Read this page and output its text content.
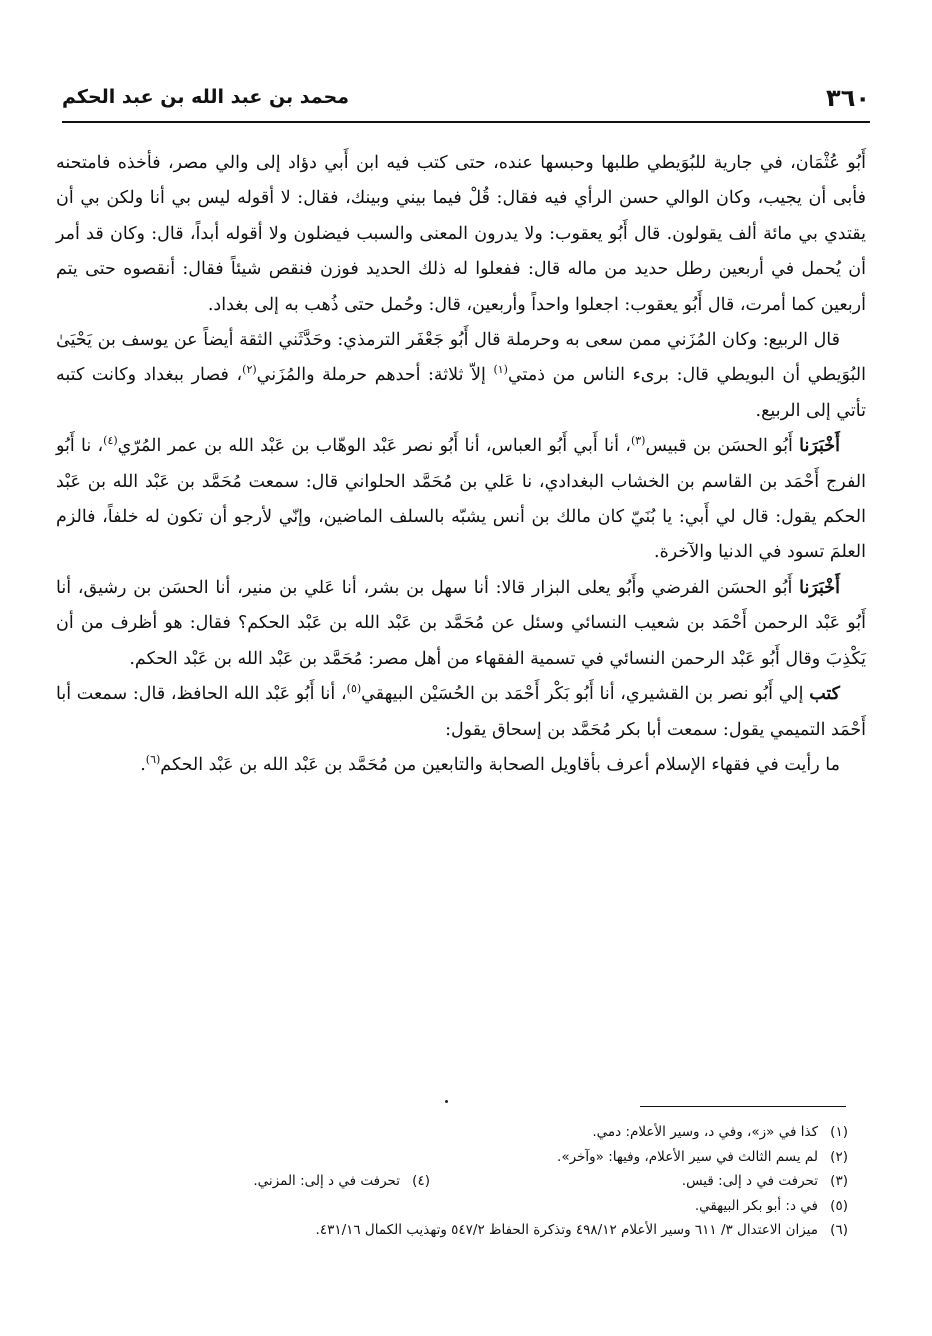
٣٦٠
محمد بن عبد الله بن عبد الحكم

أَبُو عُثْمَان، في جارية للبُوَيطي طلبها وحبسها عنده، حتى كتب فيه ابن أَبي دؤاد إلى والي مصر، فأخذه فامتحنه فأبى أن يجيب، وكان الوالي حسن الرأي فيه فقال: قُلْ فيما بيني وبينك، فقال: لا أقوله ليس بي أنا ولكن بي أن يقتدي بي مائة ألف يقولون. قال أَبُو يعقوب: ولا يدرون المعنى والسبب فيضلون ولا أقوله أبداً، قال: وكان قد أمر أن يُحمل في أربعين رطل حديد من ماله قال: ففعلوا له ذلك الحديد فوزن فنقص شيئاً فقال: أنقصوه حتى يتم أربعين كما أمرت، قال أَبُو يعقوب: اجعلوا واحداً وأربعين، قال: وحُمل حتى ذُهب به إلى بغداد.

قال الربيع: وكان المُزَني ممن سعى به وحرملة قال أَبُو جَعْفَر الترمذي: وحَدَّثَني الثقة أيضاً عن يوسف بن يَحْيَىٰ البُوَيطي أن البويطي قال: برىء الناس من ذمتي$^{(١)}$ إلاّ ثلاثة: أحدهم حرملة والمُزَني$^{(٢)}$، فصار ببغداد وكانت كتبه تأتي إلى الربيع.

أَخْبَرَنا أَبُو الحسَن بن قبيس$^{(٣)}$، أنا أَبي أَبُو العباس، أنا أَبُو نصر عَبْد الوهّاب بن عَبْد الله بن عمر المُرّي$^{(٤)}$، نا أَبُو الفرج أَحْمَد بن القاسم بن الخشاب البغدادي، نا عَلي بن مُحَمَّد الحلواني قال: سمعت مُحَمَّد بن عَبْد الله بن عَبْد الحكم يقول: قال لي أَبي: يا بُنَيّ كان مالك بن أنس يشبّه بالسلف الماضين، وإنّي لأرجو أن تكون له خلفاً، فالزم العلمَ تسود في الدنيا والآخرة.

أَخْبَرَنا أَبُو الحسَن الفرضي وأَبُو يعلى البزار قالا: أنا سهل بن بشر، أنا عَلي بن منير، أنا الحسَن بن رشيق، أنا أَبُو عَبْد الرحمن أَحْمَد بن شعيب النسائي وسئل عن مُحَمَّد بن عَبْد الله بن عَبْد الحكم؟ فقال: هو أظرف من أن يَكْذِبَ وقال أَبُو عَبْد الرحمن النسائي في تسمية الفقهاء من أهل مصر: مُحَمَّد بن عَبْد الله بن عَبْد الحكم.

كتب إلي أَبُو نصر بن القشيري، أنا أَبُو بَكْر أَحْمَد بن الحُسَيْن البيهقي$^{(٥)}$، أنا أَبُو عَبْد الله الحافظ، قال: سمعت أبا أَحْمَد التميمي يقول: سمعت أبا بكر مُحَمَّد بن إسحاق يقول:

ما رأيت في فقهاء الإسلام أعرف بأقاويل الصحابة والتابعين من مُحَمَّد بن عَبْد الله بن عَبْد الحكم$^{(٦)}$.

(١)كذا في «ز»، وفي د، وسير الأعلام: دمي.
(٢)لم يسم الثالث في سير الأعلام، وفيها: «وآخر».
(٣)تحرفت في د إلى: قيس.
(٤)تحرفت في د إلى: المزني.
(٥)في د: أبو بكر البيهقي.
(٦)ميزان الاعتدال ٣/ ٦١١ وسير الأعلام ٤٩٨/١٢ وتذكرة الحفاظ ٥٤٧/٢ وتهذيب الكمال ٤٣١/١٦.
